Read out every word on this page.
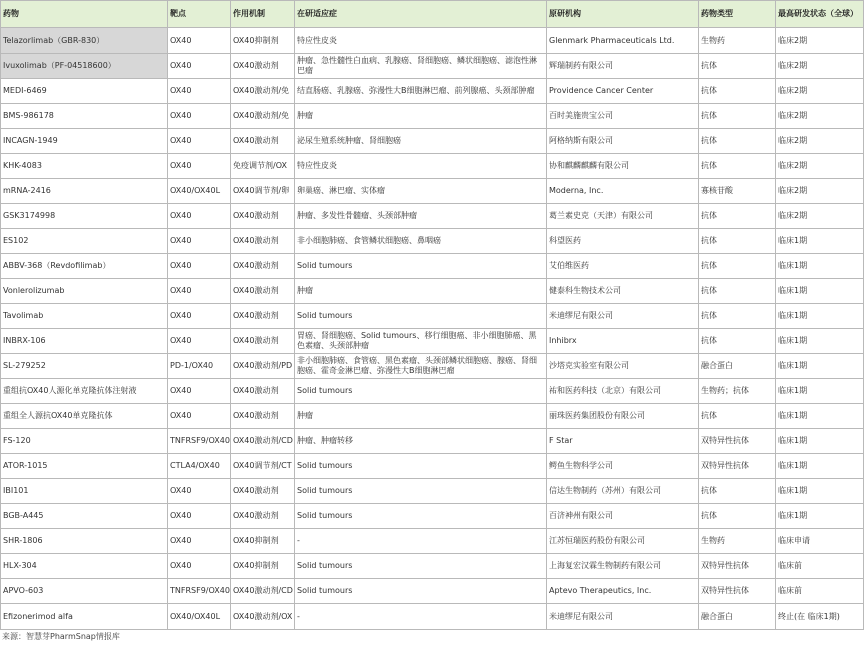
药物	靶点	作用机制	在研适应症	原研机构	药物类型	最高研发状态（全球）
Telazorlimab（GBR-830）	OX40	OX40抑制剂	特应性皮炎	Glenmark Pharmaceuticals Ltd.	生物药	临床2期
Ivuxolimab（PF-04518600）	OX40	OX40激动剂	肿瘤、急性髓性白血病、乳腺癌、肾细胞癌、鳞状细胞癌、滤泡性淋巴瘤	辉瑞制药有限公司	抗体	临床2期
MEDI-6469	OX40	OX40激动剂/免	结直肠癌、乳腺癌、弥漫性大B细胞淋巴瘤、前列腺癌、头颈部肿瘤	Providence Cancer Center	抗体	临床2期
BMS-986178	OX40	OX40激动剂/免	肿瘤	百时美施贵宝公司	抗体	临床2期
INCAGN-1949	OX40	OX40激动剂	泌尿生殖系统肿瘤、肾细胞癌	阿格纳斯有限公司	抗体	临床2期
KHK-4083	OX40	免疫调节剂/OX	特应性皮炎	协和麒麟麒麟有限公司	抗体	临床2期
mRNA-2416	OX40/OX40L	OX40调节剂/卵	卵巢癌、淋巴瘤、实体瘤	Moderna, Inc.	寡核苷酸	临床2期
GSK3174998	OX40	OX40激动剂	肿瘤、多发性骨髓瘤、头颈部肿瘤	葛兰素史克（天津）有限公司	抗体	临床2期
ES102	OX40	OX40激动剂	非小细胞肺癌、食管鳞状细胞癌、鼻咽癌	科望医药	抗体	临床1期
ABBV-368（Revdofilimab）	OX40	OX40激动剂	Solid tumours	艾伯维医药	抗体	临床1期
Vonlerolizumab	OX40	OX40激动剂	肿瘤	健泰科生物技术公司	抗体	临床1期
Tavolimab	OX40	OX40激动剂	Solid tumours	米迪缪尼有限公司	抗体	临床1期
INBRX-106	OX40	OX40激动剂	胃癌、肾细胞癌、Solid tumours、移行细胞癌、非小细胞肺癌、黑色素瘤、头颈部肿瘤	Inhibrx	抗体	临床1期
SL-279252	PD-1/OX40	OX40激动剂/PD	非小细胞肺癌、食管癌、黑色素瘤、头颈部鳞状细胞癌、腺癌、肾细胞癌、霍奇金淋巴瘤、弥漫性大B细胞淋巴瘤	沙塔克实验室有限公司	融合蛋白	临床1期
重组抗OX40人源化单克隆抗体注射液	OX40	OX40激动剂	Solid tumours	祐和医药科技（北京）有限公司	生物药；抗体	临床1期
重组全人源抗OX40单克隆抗体	OX40	OX40激动剂	肿瘤	丽珠医药集团股份有限公司	抗体	临床1期
FS-120	TNFRSF9/OX40	OX40激动剂/CD	肿瘤、肿瘤转移	F Star	双特异性抗体	临床1期
ATOR-1015	CTLA4/OX40	OX40调节剂/CT	Solid tumours	鳄鱼生物科学公司	双特异性抗体	临床1期
IBI101	OX40	OX40激动剂	Solid tumours	信达生物制药（苏州）有限公司	抗体	临床1期
BGB-A445	OX40	OX40激动剂	Solid tumours	百济神州有限公司	抗体	临床1期
SHR-1806	OX40	OX40抑制剂	-	江苏恒瑞医药股份有限公司	生物药	临床申请
HLX-304	OX40	OX40抑制剂	Solid tumours	上海复宏汉霖生物制药有限公司	双特异性抗体	临床前
APVO-603	TNFRSF9/OX40	OX40激动剂/CD	Solid tumours	Aptevo Therapeutics, Inc.	双特异性抗体	临床前
Efizonerimod alfa	OX40/OX40L	OX40激动剂/OX	-	米迪缪尼有限公司	融合蛋白	终止(在 临床1期)
来源：智慧芽PharmSnap情报库
